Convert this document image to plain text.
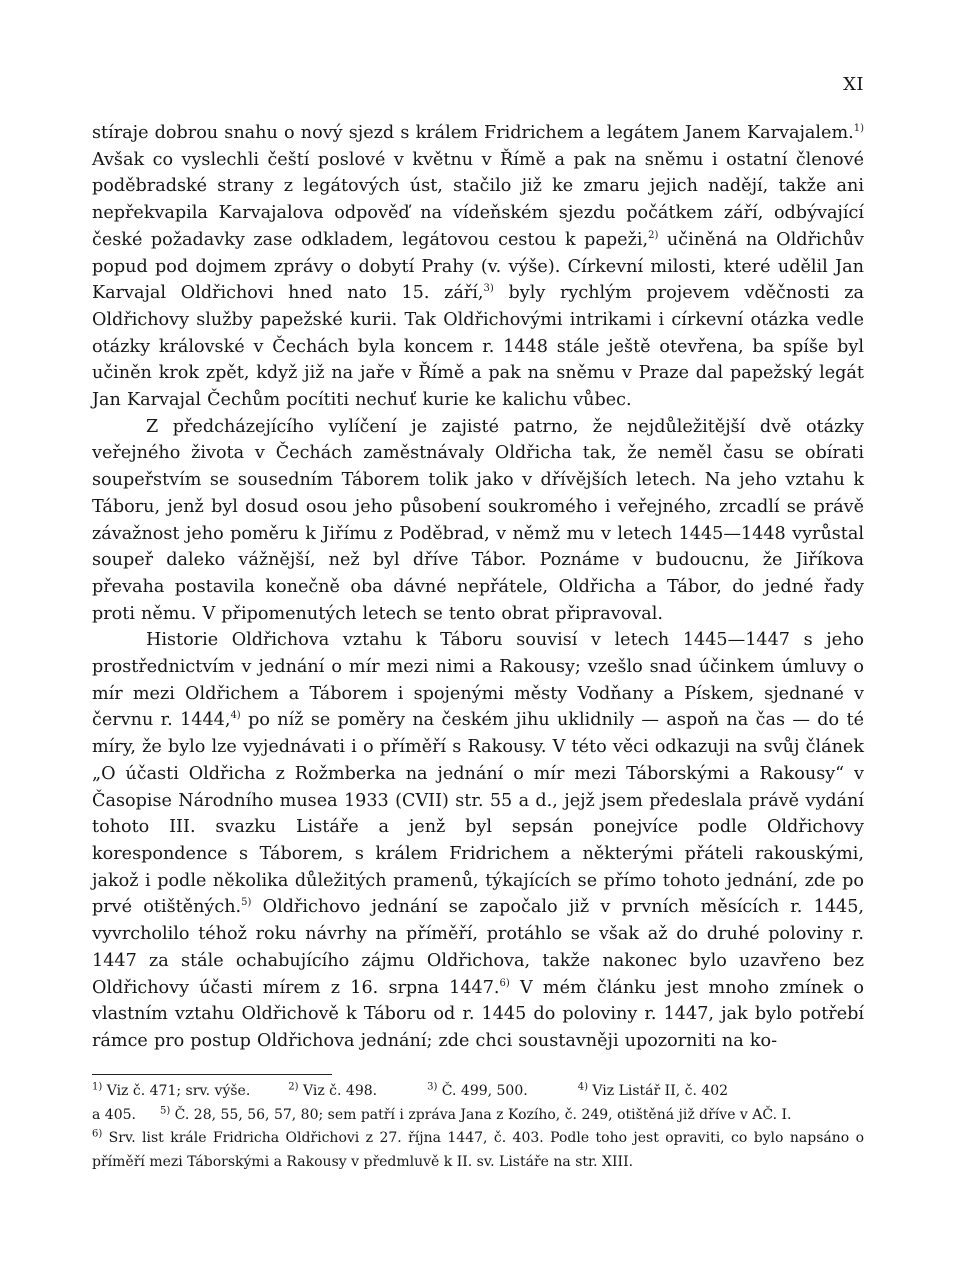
XI

stíraje dobrou snahu o nový sjezd s králem Fridrichem a legátem Janem Karvajalem.$^{1)}$ Avšak co vyslechli čeští poslové v květnu v Římě a pak na sněmu i ostatní členové poděbradské strany z legátových úst, stačilo již ke zmaru jejich nadějí, takže ani nepřekvapila Karvajalova odpověď na vídeňském sjezdu počátkem září, odbývající české požadavky zase odkladem, legátovou cestou k papeži,$^{2)}$ učiněná na Oldřichův popud pod dojmem zprávy o dobytí Prahy (v. výše). Církevní milosti, které udělil Jan Karvajal Oldřichovi hned nato 15. září,$^{3)}$ byly rychlým projevem vděčnosti za Oldřichovy služby papežské kurii. Tak Oldřichovými intrikami i církevní otázka vedle otázky královské v Čechách byla koncem r. 1448 stále ještě otevřena, ba spíše byl učiněn krok zpět, když již na jaře v Římě a pak na sněmu v Praze dal papežský legát Jan Karvajal Čechům pocítiti nechuť kurie ke kalichu vůbec.

Z předcházejícího vylíčení je zajisté patrno, že nejdůležitější dvě otázky veřejného života v Čechách zaměstnávaly Oldřicha tak, že neměl času se obírati soupeřstvím se sousedním Táborem tolik jako v dřívějších letech. Na jeho vztahu k Táboru, jenž byl dosud osou jeho působení soukromého i veřejného, zrcadlí se právě závažnost jeho poměru k Jiřímu z Poděbrad, v němž mu v letech 1445—1448 vyrůstal soupeř daleko vážnější, než byl dříve Tábor. Poznáme v budoucnu, že Jiříkova převaha postavila konečně oba dávné nepřátele, Oldřicha a Tábor, do jedné řady proti němu. V připomenutých letech se tento obrat připravoval.

Historie Oldřichova vztahu k Táboru souvisí v letech 1445—1447 s jeho prostřednictvím v jednání o mír mezi nimi a Rakousy; vzešlo snad účinkem úmluvy o mír mezi Oldřichem a Táborem i spojenými městy Vodňany a Pískem, sjednané v červnu r. 1444,$^{4)}$ po níž se poměry na českém jihu uklidnily — aspoň na čas — do té míry, že bylo lze vyjednávati i o příměří s Rakousy. V této věci odkazuji na svůj článek „O účasti Oldřicha z Rožmberka na jednání o mír mezi Táborskými a Rakousy“ v Časopise Národního musea 1933 (CVII) str. 55 a d., jejž jsem předeslala právě vydání tohoto III. svazku Listáře a jenž byl sepsán ponejvíce podle Oldřichovy korespondence s Táborem, s králem Fridrichem a některými přáteli rakouskými, jakož i podle několika důležitých pramenů, týkajících se přímo tohoto jednání, zde po prvé otištěných.$^{5)}$ Oldřichovo jednání se započalo již v prvních měsících r. 1445, vyvrcholilo téhož roku návrhy na příměří, protáhlo se však až do druhé poloviny r. 1447 za stále ochabujícího zájmu Oldřichova, takže nakonec bylo uzavřeno bez Oldřichovy účasti mírem z 16. srpna 1447.$^{6)}$ V mém článku jest mnoho zmínek o vlastním vztahu Oldřichově k Táboru od r. 1445 do poloviny r. 1447, jak bylo potřebí rámce pro postup Oldřichova jednání; zde chci soustavněji upozorniti na ko-

$^{1)}$ Viz č. 471; srv. výše.	$^{2)}$ Viz č. 498.	$^{3)}$ Č. 499, 500.	$^{4)}$ Viz Listář II, č. 402

a 405. $^{5)}$ Č. 28, 55, 56, 57, 80; sem patří i zpráva Jana z Kozího, č. 249, otištěná již dříve v AČ. I.

$^{6)}$ Srv. list krále Fridricha Oldřichovi z 27. října 1447, č. 403. Podle toho jest opraviti, co bylo napsáno o příměří mezi Táborskými a Rakousy v předmluvě k II. sv. Listáře na str. XIII.
